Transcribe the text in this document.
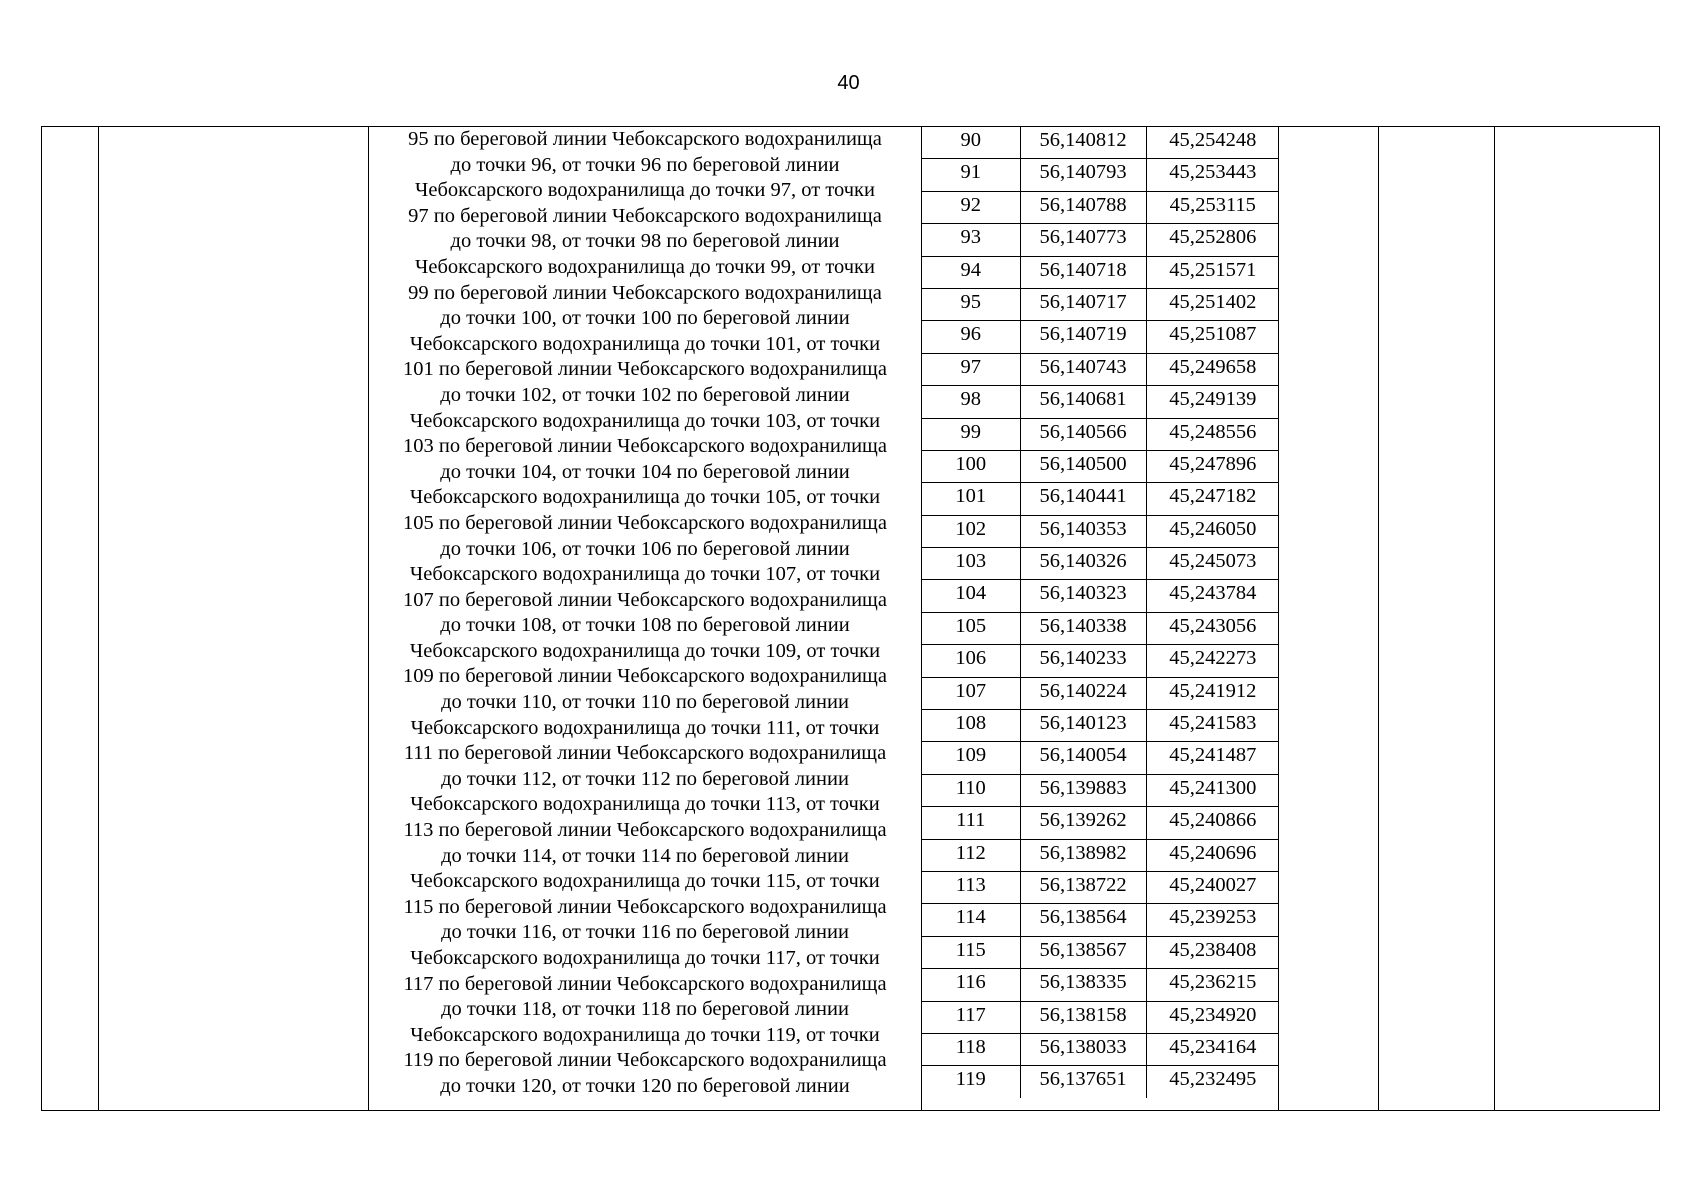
40

95 по береговой линии Чебоксарского водохранилища
до точки 96, от точки 96 по береговой линии
Чебоксарского водохранилища до точки 97, от точки
97 по береговой линии Чебоксарского водохранилища
до точки 98, от точки 98 по береговой линии
Чебоксарского водохранилища до точки 99, от точки
99 по береговой линии Чебоксарского водохранилища
до точки 100, от точки 100 по береговой линии
Чебоксарского водохранилища до точки 101, от точки
101 по береговой линии Чебоксарского водохранилища
до точки 102, от точки 102 по береговой линии
Чебоксарского водохранилища до точки 103, от точки
103 по береговой линии Чебоксарского водохранилища
до точки 104, от точки 104 по береговой линии
Чебоксарского водохранилища до точки 105, от точки
105 по береговой линии Чебоксарского водохранилища
до точки 106, от точки 106 по береговой линии
Чебоксарского водохранилища до точки 107, от точки
107 по береговой линии Чебоксарского водохранилища
до точки 108, от точки 108 по береговой линии
Чебоксарского водохранилища до точки 109, от точки
109 по береговой линии Чебоксарского водохранилища
до точки 110, от точки 110 по береговой линии
Чебоксарского водохранилища до точки 111, от точки
111 по береговой линии Чебоксарского водохранилища
до точки 112, от точки 112 по береговой линии
Чебоксарского водохранилища до точки 113, от точки
113 по береговой линии Чебоксарского водохранилища
до точки 114, от точки 114 по береговой линии
Чебоксарского водохранилища до точки 115, от точки
115 по береговой линии Чебоксарского водохранилища
до точки 116, от точки 116 по береговой линии
Чебоксарского водохранилища до точки 117, от точки
117 по береговой линии Чебоксарского водохранилища
до точки 118, от точки 118 по береговой линии
Чебоксарского водохранилища до точки 119, от точки
119 по береговой линии Чебоксарского водохранилища
до точки 120, от точки 120 по береговой линии

90	56,140812	45,254248
91	56,140793	45,253443
92	56,140788	45,253115
93	56,140773	45,252806
94	56,140718	45,251571
95	56,140717	45,251402
96	56,140719	45,251087
97	56,140743	45,249658
98	56,140681	45,249139
99	56,140566	45,248556
100	56,140500	45,247896
101	56,140441	45,247182
102	56,140353	45,246050
103	56,140326	45,245073
104	56,140323	45,243784
105	56,140338	45,243056
106	56,140233	45,242273
107	56,140224	45,241912
108	56,140123	45,241583
109	56,140054	45,241487
110	56,139883	45,241300
111	56,139262	45,240866
112	56,138982	45,240696
113	56,138722	45,240027
114	56,138564	45,239253
115	56,138567	45,238408
116	56,138335	45,236215
117	56,138158	45,234920
118	56,138033	45,234164
119	56,137651	45,232495
